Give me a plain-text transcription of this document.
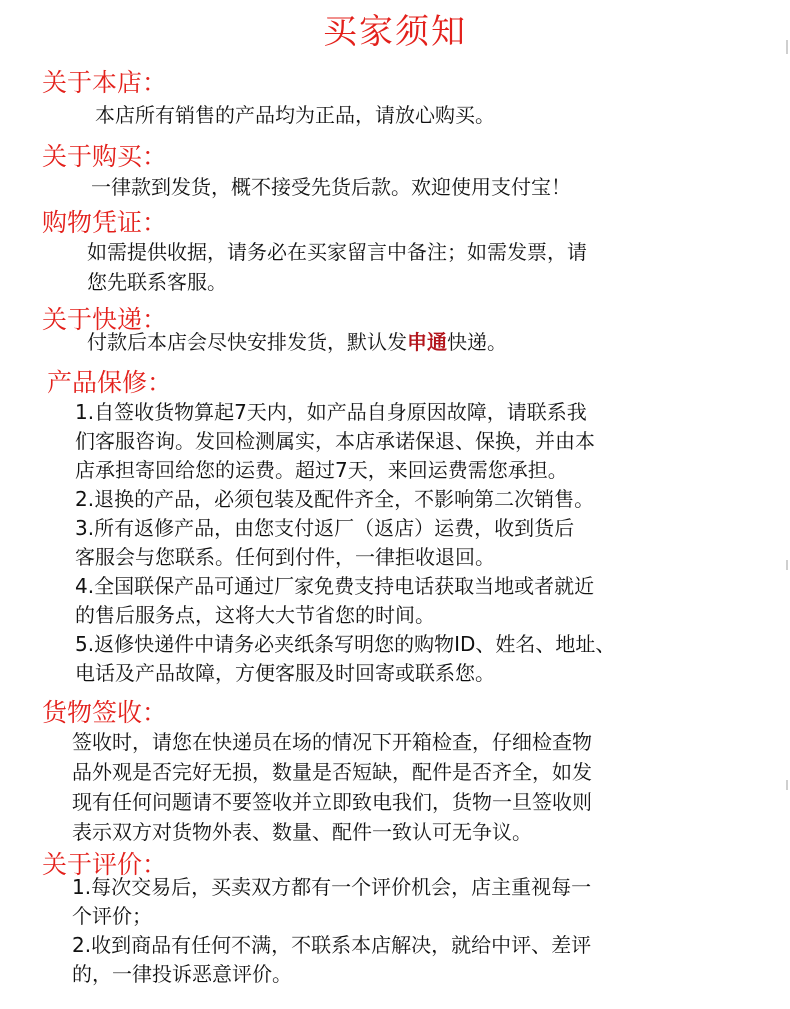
买家须知
关于本店：
本店所有销售的产品均为正品，请放心购买。
关于购买：
一律款到发货，概不接受先货后款。欢迎使用支付宝！
购物凭证：
如需提供收据，请务必在买家留言中备注；如需发票，请
您先联系客服。
关于快递：
付款后本店会尽快安排发货，默认发申通快递。
产品保修：
1.自签收货物算起7天内，如产品自身原因故障，请联系我
们客服咨询。发回检测属实，本店承诺保退、保换，并由本
店承担寄回给您的运费。超过7天，来回运费需您承担。
2.退换的产品，必须包装及配件齐全，不影响第二次销售。
3.所有返修产品，由您支付返厂（返店）运费，收到货后
客服会与您联系。任何到付件，一律拒收退回。
4.全国联保产品可通过厂家免费支持电话获取当地或者就近
的售后服务点，这将大大节省您的时间。
5.返修快递件中请务必夹纸条写明您的购物ID、姓名、地址、
电话及产品故障，方便客服及时回寄或联系您。
货物签收：
签收时，请您在快递员在场的情况下开箱检查，仔细检查物
品外观是否完好无损，数量是否短缺，配件是否齐全，如发
现有任何问题请不要签收并立即致电我们，货物一旦签收则
表示双方对货物外表、数量、配件一致认可无争议。
关于评价：
1.每次交易后，买卖双方都有一个评价机会，店主重视每一
个评价；
2.收到商品有任何不满，不联系本店解决，就给中评、差评
的，一律投诉恶意评价。
